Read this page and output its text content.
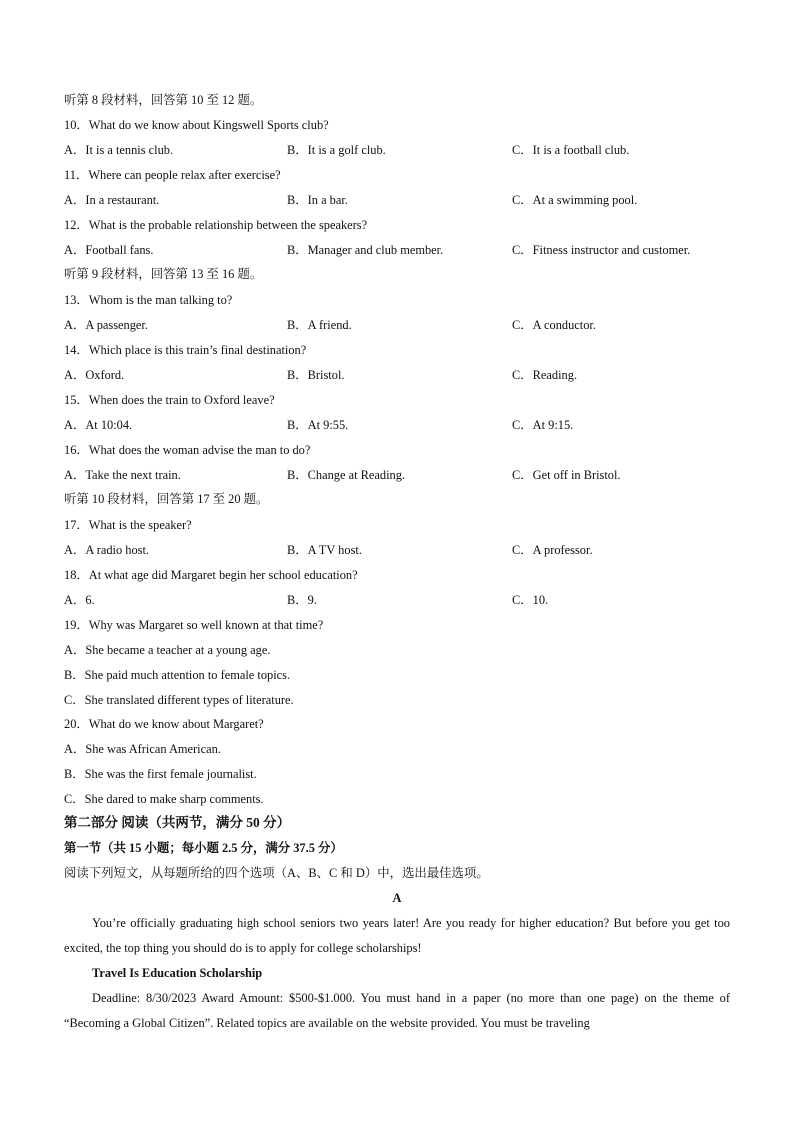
听第 8 段材料，回答第 10 至 12 题。
10．What do we know about Kingswell Sports club?
A．It is a tennis club.	B．It is a golf club.	C．It is a football club.
11．Where can people relax after exercise?
A．In a restaurant.	B．In a bar.	C．At a swimming pool.
12．What is the probable relationship between the speakers?
A．Football fans.	B．Manager and club member.	C．Fitness instructor and customer.
听第 9 段材料，回答第 13 至 16 题。
13．Whom is the man talking to?
A．A passenger.	B．A friend.	C．A conductor.
14．Which place is this train’s final destination?
A．Oxford.	B．Bristol.	C．Reading.
15．When does the train to Oxford leave?
A．At 10:04.	B．At 9:55.	C．At 9:15.
16．What does the woman advise the man to do?
A．Take the next train.	B．Change at Reading.	C．Get off in Bristol.
听第 10 段材料，回答第 17 至 20 题。
17．What is the speaker?
A．A radio host.	B．A TV host.	C．A professor.
18．At what age did Margaret begin her school education?
A．6.	B．9.	C．10.
19．Why was Margaret so well known at that time?
A．She became a teacher at a young age.
B．She paid much attention to female topics.
C．She translated different types of literature.
20．What do we know about Margaret?
A．She was African American.
B．She was the first female journalist.
C．She dared to make sharp comments.
第二部分 阅读（共两节，满分 50 分）
第一节（共 15 小题；每小题 2.5 分，满分 37.5 分）
阅读下列短文，从每题所给的四个选项（A、B、C 和 D）中，选出最佳选项。
A
You’re officially graduating high school seniors two years later! Are you ready for higher education? But before you get too excited, the top thing you should do is to apply for college scholarships!
Travel Is Education Scholarship
Deadline: 8/30/2023 Award Amount: $500-$1.000. You must hand in a paper (no more than one page) on the theme of “Becoming a Global Citizen”. Related topics are available on the website provided. You must be traveling
